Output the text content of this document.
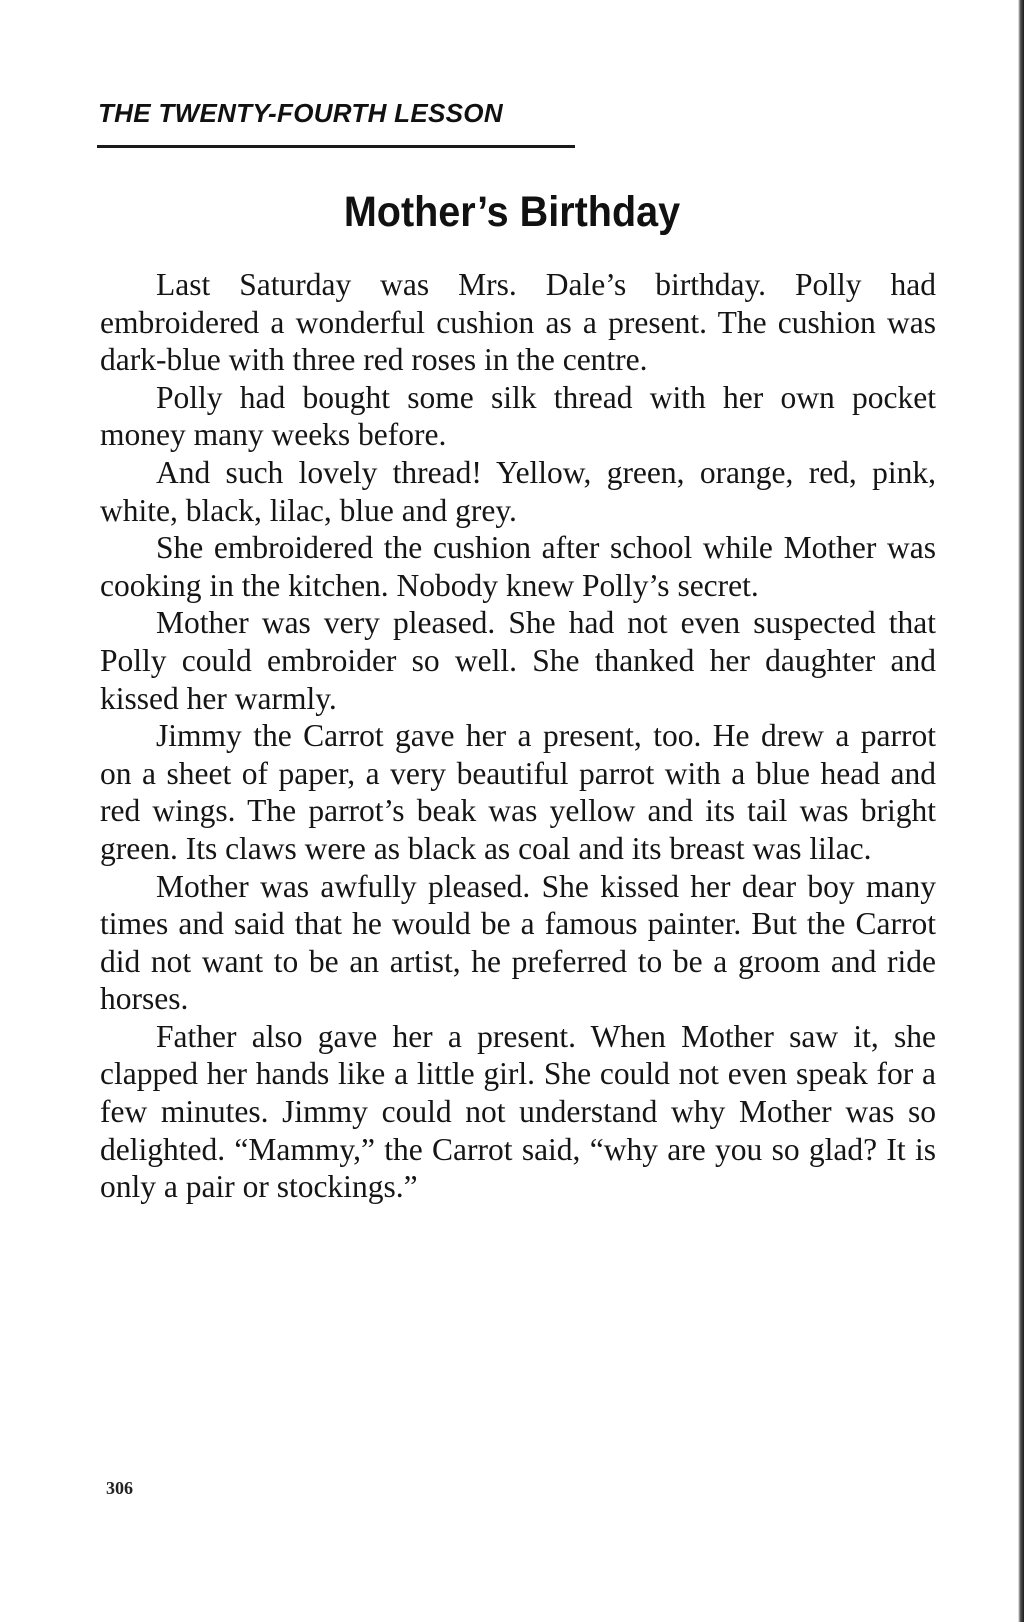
THE TWENTY-FOURTH LESSON
Mother’s Birthday

Last Saturday was Mrs. Dale’s birthday. Polly had embroidered a wonderful cushion as a present. The cushion was dark-blue with three red roses in the centre.

Polly had bought some silk thread with her own pocket money many weeks before.

And such lovely thread! Yellow, green, orange, red, pink, white, black, lilac, blue and grey.

She embroidered the cushion after school while Mother was cooking in the kitchen. Nobody knew Polly’s secret.

Mother was very pleased. She had not even suspected that Polly could embroider so well. She thanked her daughter and kissed her warmly.

Jimmy the Carrot gave her a present, too. He drew a parrot on a sheet of paper, a very beautiful parrot with a blue head and red wings. The parrot’s beak was yellow and its tail was bright green. Its claws were as black as coal and its breast was lilac.

Mother was awfully pleased. She kissed her dear boy many times and said that he would be a famous painter. But the Carrot did not want to be an artist, he preferred to be a groom and ride horses.

Father also gave her a present. When Mother saw it, she clapped her hands like a little girl. She could not even speak for a few minutes. Jimmy could not understand why Mother was so delighted. “Mammy,” the Carrot said, “why are you so glad? It is only a pair or stockings.”

306
